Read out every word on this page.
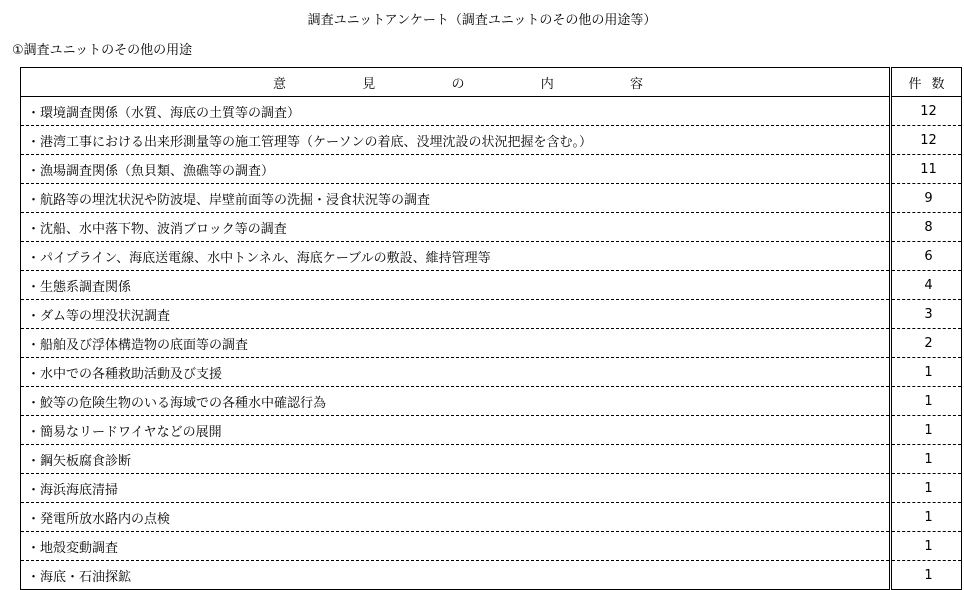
調査ユニットアンケート（調査ユニットのその他の用途等）
①調査ユニットのその他の用途
意 見 の 内 容	件数
・環境調査関係（水質、海底の土質等の調査）	12
・港湾工事における出来形測量等の施工管理等（ケーソンの着底、没埋沈設の状況把握を含む。）	12
・漁場調査関係（魚貝類、漁礁等の調査）	11
・航路等の埋沈状況や防波堤、岸壁前面等の洗掘・浸食状況等の調査	9
・沈船、水中落下物、波消ブロック等の調査	8
・パイプライン、海底送電線、水中トンネル、海底ケーブルの敷設、維持管理等	6
・生態系調査関係	4
・ダム等の埋没状況調査	3
・船舶及び浮体構造物の底面等の調査	2
・水中での各種救助活動及び支援	1
・鮫等の危険生物のいる海域での各種水中確認行為	1
・簡易なリードワイヤなどの展開	1
・鋼矢板腐食診断	1
・海浜海底清掃	1
・発電所放水路内の点検	1
・地殻変動調査	1
・海底・石油探鉱	1
